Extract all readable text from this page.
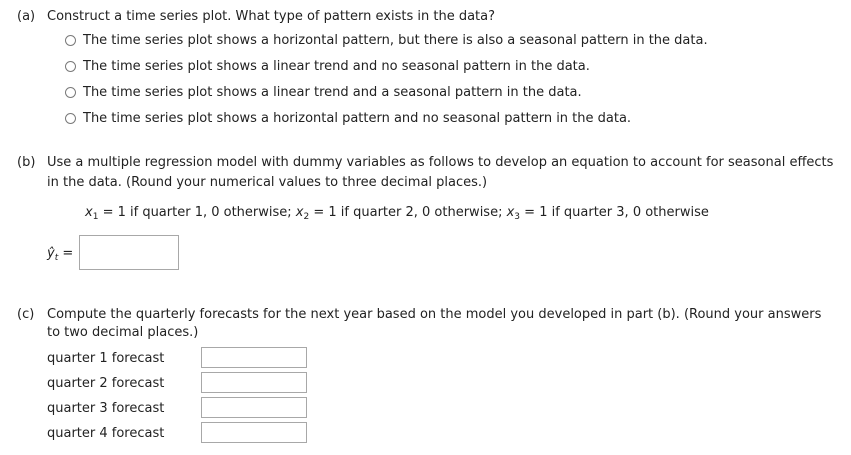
(a) Construct a time series plot. What type of pattern exists in the data?
The time series plot shows a horizontal pattern, but there is also a seasonal pattern in the data.
The time series plot shows a linear trend and no seasonal pattern in the data.
The time series plot shows a linear trend and a seasonal pattern in the data.
The time series plot shows a horizontal pattern and no seasonal pattern in the data.
(b) Use a multiple regression model with dummy variables as follows to develop an equation to account for seasonal effects
in the data. (Round your numerical values to three decimal places.)
$x_1 = 1$ if quarter 1, 0 otherwise; $x_2 = 1$ if quarter 2, 0 otherwise; $x_3 = 1$ if quarter 3, 0 otherwise
$ŷ_t$ =
(c) Compute the quarterly forecasts for the next year based on the model you developed in part (b). (Round your answers
to two decimal places.)
quarter 1 forecast
quarter 2 forecast
quarter 3 forecast
quarter 4 forecast
